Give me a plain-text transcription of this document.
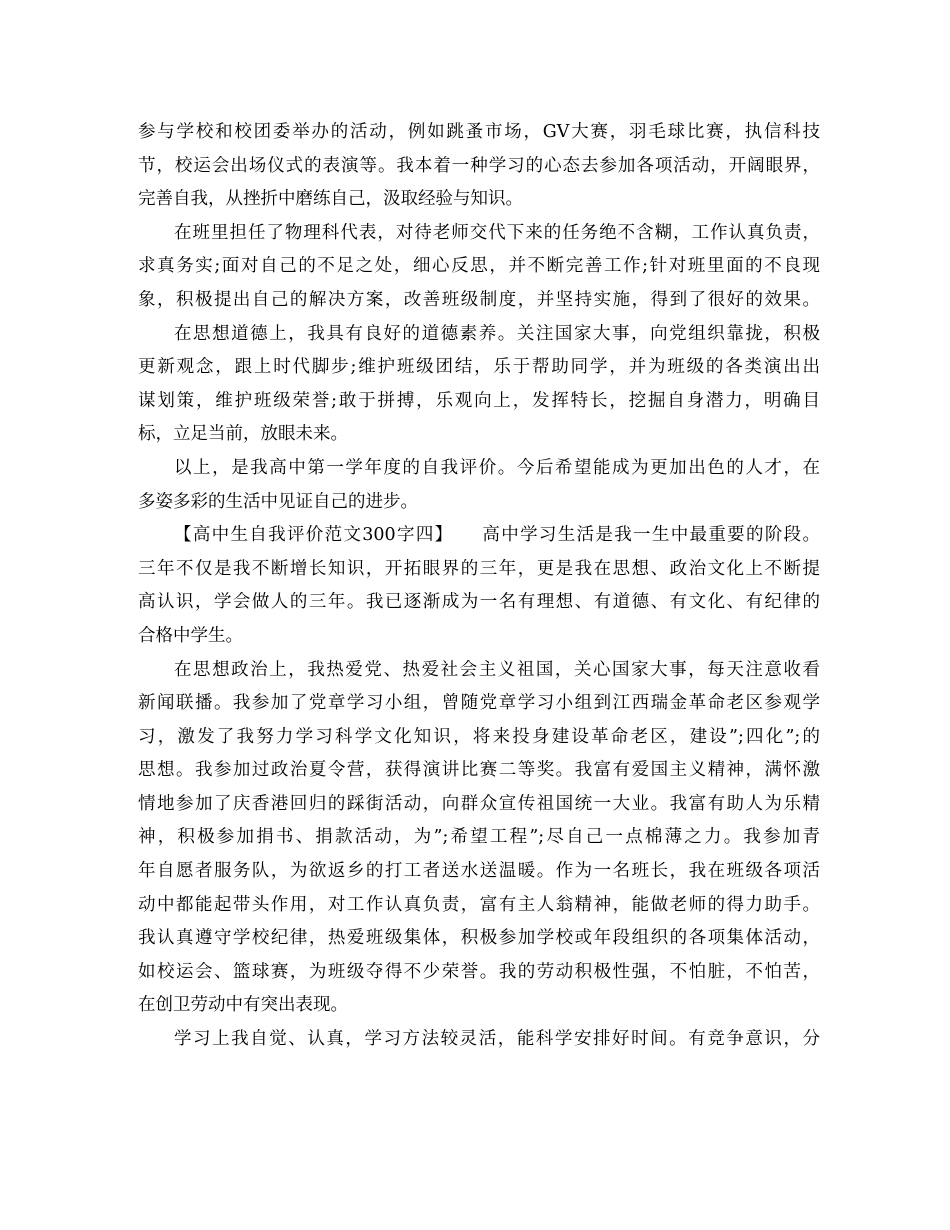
参与学校和校团委举办的活动，例如跳蚤市场，GV大赛，羽毛球比赛，执信科技
节，校运会出场仪式的表演等。我本着一种学习的心态去参加各项活动，开阔眼界，
完善自我，从挫折中磨练自己，汲取经验与知识。
在班里担任了物理科代表，对待老师交代下来的任务绝不含糊，工作认真负责，
求真务实;面对自己的不足之处，细心反思，并不断完善工作;针对班里面的不良现
象，积极提出自己的解决方案，改善班级制度，并坚持实施，得到了很好的效果。
在思想道德上，我具有良好的道德素养。关注国家大事，向党组织靠拢，积极
更新观念，跟上时代脚步;维护班级团结，乐于帮助同学，并为班级的各类演出出
谋划策，维护班级荣誉;敢于拼搏，乐观向上，发挥特长，挖掘自身潜力，明确目
标，立足当前，放眼未来。
以上，是我高中第一学年度的自我评价。今后希望能成为更加出色的人才，在
多姿多彩的生活中见证自己的进步。
【高中生自我评价范文300字四】　　高中学习生活是我一生中最重要的阶段。
三年不仅是我不断增长知识，开拓眼界的三年，更是我在思想、政治文化上不断提
高认识，学会做人的三年。我已逐渐成为一名有理想、有道德、有文化、有纪律的
合格中学生。
在思想政治上，我热爱党、热爱社会主义祖国，关心国家大事，每天注意收看
新闻联播。我参加了党章学习小组，曾随党章学习小组到江西瑞金革命老区参观学
习，激发了我努力学习科学文化知识，将来投身建设革命老区，建设”;四化”;的
思想。我参加过政治夏令营，获得演讲比赛二等奖。我富有爱国主义精神，满怀激
情地参加了庆香港回归的踩街活动，向群众宣传祖国统一大业。我富有助人为乐精
神，积极参加捐书、捐款活动，为”;希望工程”;尽自己一点棉薄之力。我参加青
年自愿者服务队，为欲返乡的打工者送水送温暖。作为一名班长，我在班级各项活
动中都能起带头作用，对工作认真负责，富有主人翁精神，能做老师的得力助手。
我认真遵守学校纪律，热爱班级集体，积极参加学校或年段组织的各项集体活动，
如校运会、篮球赛，为班级夺得不少荣誉。我的劳动积极性强，不怕脏，不怕苦，
在创卫劳动中有突出表现。
学习上我自觉、认真，学习方法较灵活，能科学安排好时间。有竞争意识，分
